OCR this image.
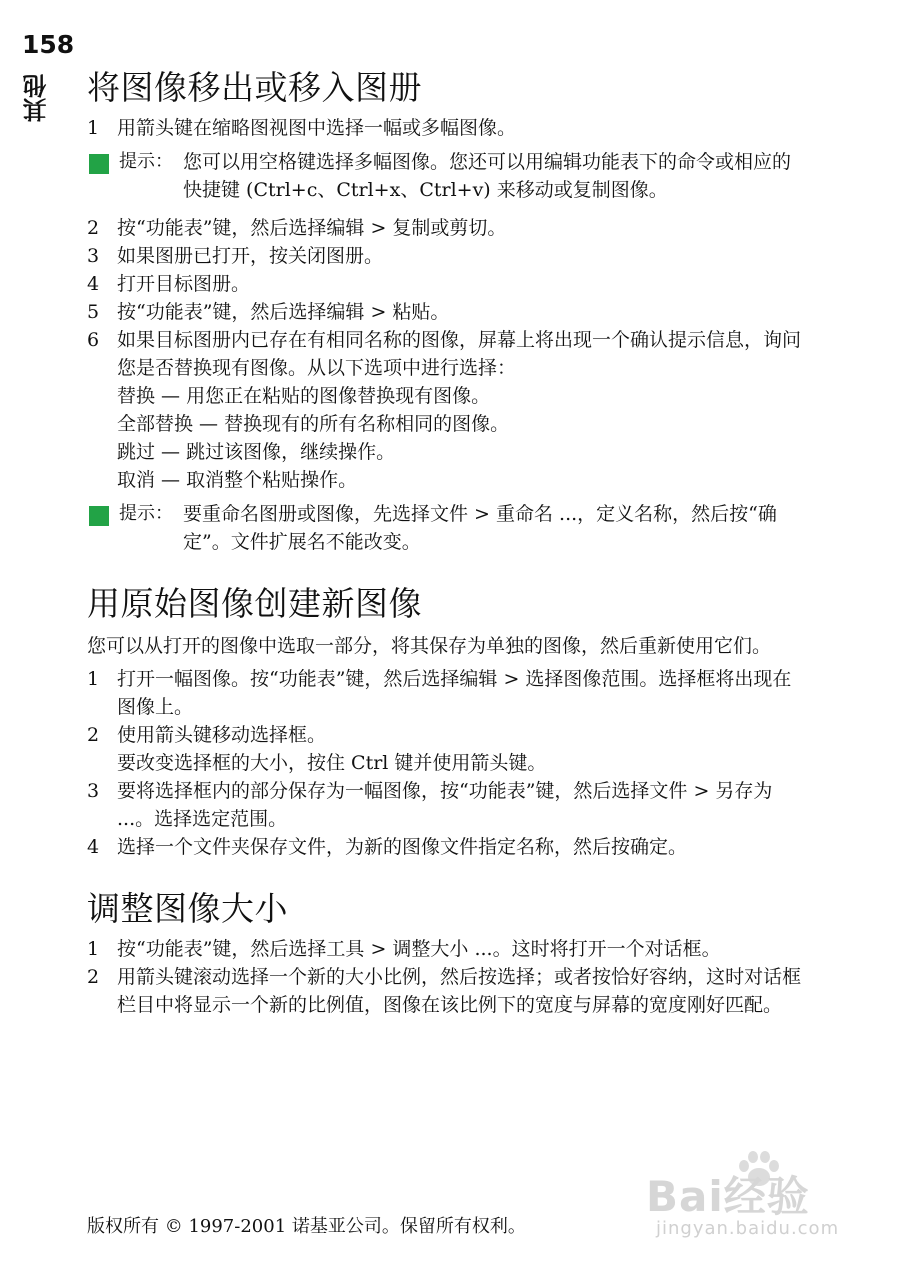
158
其他 将图像移出或移入图册
1 用箭头键在缩略图视图中选择一幅或多幅图像。
提示： 您可以用空格键选择多幅图像。您还可以用编辑功能表下的命令或相应的快捷键 (Ctrl+c、Ctrl+x、Ctrl+v) 来移动或复制图像。
2 按“功能表”键，然后选择编辑 > 复制或剪切。
3 如果图册已打开，按关闭图册。
4 打开目标图册。
5 按“功能表”键，然后选择编辑 > 粘贴。
6 如果目标图册内已存在有相同名称的图像，屏幕上将出现一个确认提示信息，询问您是否替换现有图像。从以下选项中进行选择：
替换 — 用您正在粘贴的图像替换现有图像。
全部替换 — 替换现有的所有名称相同的图像。
跳过 — 跳过该图像，继续操作。
取消 — 取消整个粘贴操作。
提示： 要重命名图册或图像，先选择文件 > 重命名 ...，定义名称，然后按“确定”。文件扩展名不能改变。
用原始图像创建新图像
您可以从打开的图像中选取一部分，将其保存为单独的图像，然后重新使用它们。
1 打开一幅图像。按“功能表”键，然后选择编辑 > 选择图像范围。选择框将出现在图像上。
2 使用箭头键移动选择框。
要改变选择框的大小，按住 Ctrl 键并使用箭头键。
3 要将选择框内的部分保存为一幅图像，按“功能表”键，然后选择文件 > 另存为 ...。选择选定范围。
4 选择一个文件夹保存文件，为新的图像文件指定名称，然后按确定。
调整图像大小
1 按“功能表”键，然后选择工具 > 调整大小 ...。这时将打开一个对话框。
2 用箭头键滚动选择一个新的大小比例，然后按选择；或者按恰好容纳，这时对话框栏目中将显示一个新的比例值，图像在该比例下的宽度与屏幕的宽度刚好匹配。
Bai经验
jingyan.baidu.com
版权所有 © 1997-2001 诺基亚公司。保留所有权利。
